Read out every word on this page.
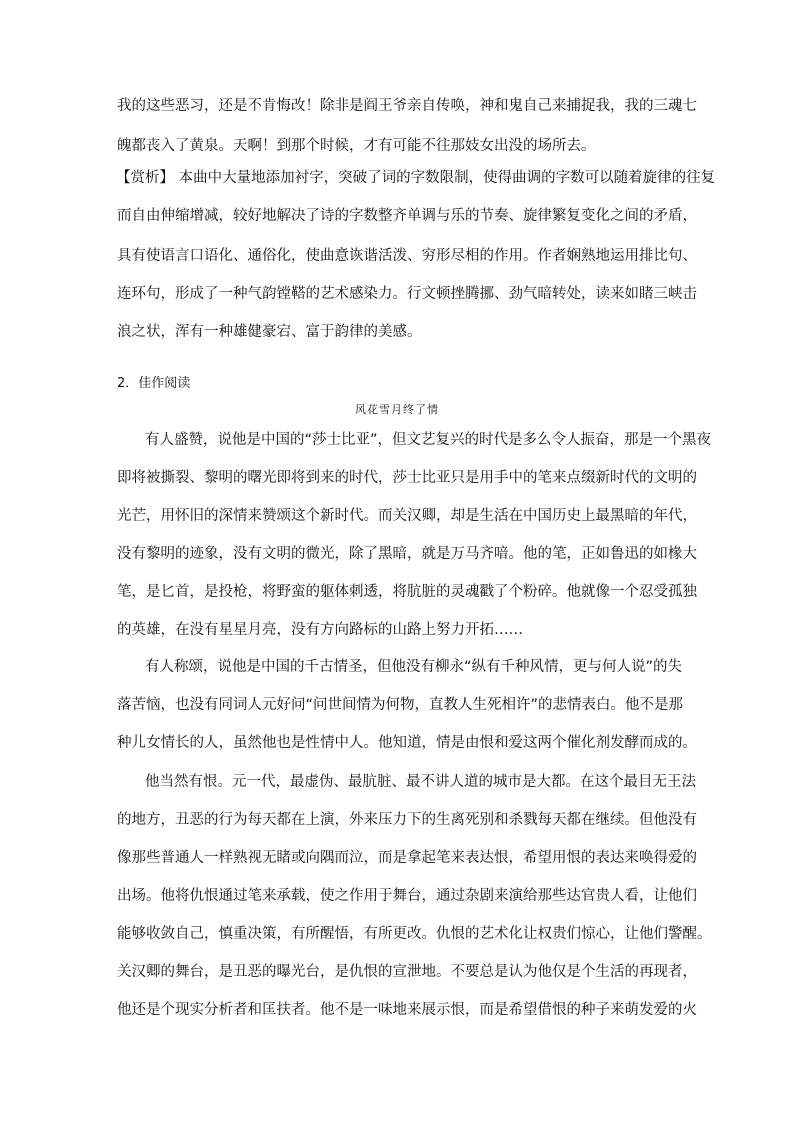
我的这些恶习，还是不肯悔改！除非是阎王爷亲自传唤，神和鬼自己来捕捉我，我的三魂七
魄都丧入了黄泉。天啊！到那个时候，才有可能不往那妓女出没的场所去。
【赏析】 本曲中大量地添加衬字，突破了词的字数限制，使得曲调的字数可以随着旋律的往复
而自由伸缩增减，较好地解决了诗的字数整齐单调与乐的节奏、旋律繁复变化之间的矛盾，
具有使语言口语化、通俗化，使曲意诙谐活泼、穷形尽相的作用。作者娴熟地运用排比句、
连环句，形成了一种气韵镗鞳的艺术感染力。行文顿挫腾挪、劲气暗转处，读来如睹三峡击
浪之状，浑有一种雄健豪宕、富于韵律的美感。
2．佳作阅读
风花雪月终了情
有人盛赞，说他是中国的“莎士比亚”，但文艺复兴的时代是多么令人振奋，那是一个黑夜
即将被撕裂、黎明的曙光即将到来的时代，莎士比亚只是用手中的笔来点缀新时代的文明的
光芒，用怀旧的深情来赞颂这个新时代。而关汉卿，却是生活在中国历史上最黑暗的年代，
没有黎明的迹象，没有文明的微光，除了黑暗，就是万马齐喑。他的笔，正如鲁迅的如椽大
笔，是匕首，是投枪，将野蛮的躯体刺透，将肮脏的灵魂戳了个粉碎。他就像一个忍受孤独
的英雄，在没有星星月亮，没有方向路标的山路上努力开拓……
有人称颂，说他是中国的千古情圣，但他没有柳永“纵有千种风情，更与何人说”的失
落苦恼，也没有同词人元好问“问世间情为何物，直教人生死相许”的悲情表白。他不是那
种儿女情长的人，虽然他也是性情中人。他知道，情是由恨和爱这两个催化剂发酵而成的。
他当然有恨。元一代，最虚伪、最肮脏、最不讲人道的城市是大都。在这个最目无王法
的地方，丑恶的行为每天都在上演，外来压力下的生离死别和杀戮每天都在继续。但他没有
像那些普通人一样熟视无睹或向隅而泣，而是拿起笔来表达恨，希望用恨的表达来唤得爱的
出场。他将仇恨通过笔来承载，使之作用于舞台，通过杂剧来演给那些达官贵人看，让他们
能够收敛自己，慎重决策，有所醒悟，有所更改。仇恨的艺术化让权贵们惊心，让他们警醒。
关汉卿的舞台，是丑恶的曝光台，是仇恨的宣泄地。不要总是认为他仅是个生活的再现者，
他还是个现实分析者和匡扶者。他不是一味地来展示恨，而是希望借恨的种子来萌发爱的火
